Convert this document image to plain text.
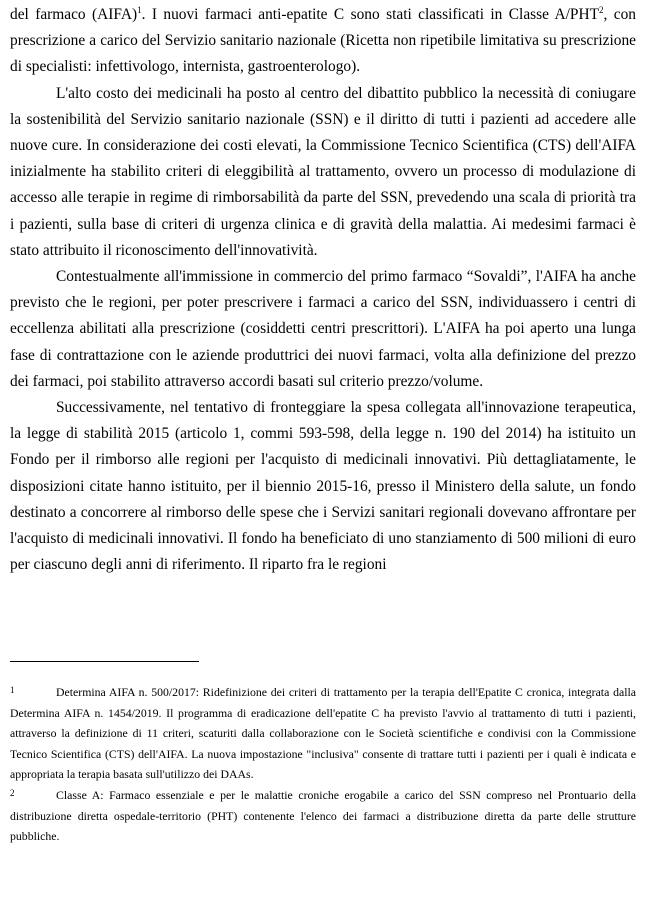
del farmaco (AIFA)$^1$. I nuovi farmaci anti-epatite C sono stati classificati in Classe A/PHT$^2$, con prescrizione a carico del Servizio sanitario nazionale (Ricetta non ripetibile limitativa su prescrizione di specialisti: infettivologo, internista, gastroenterologo).

L'alto costo dei medicinali ha posto al centro del dibattito pubblico la necessità di coniugare la sostenibilità del Servizio sanitario nazionale (SSN) e il diritto di tutti i pazienti ad accedere alle nuove cure. In considerazione dei costi elevati, la Commissione Tecnico Scientifica (CTS) dell'AIFA inizialmente ha stabilito criteri di eleggibilità al trattamento, ovvero un processo di modulazione di accesso alle terapie in regime di rimborsabilità da parte del SSN, prevedendo una scala di priorità tra i pazienti, sulla base di criteri di urgenza clinica e di gravità della malattia. Ai medesimi farmaci è stato attribuito il riconoscimento dell'innovatività.

Contestualmente all'immissione in commercio del primo farmaco “Sovaldi”, l'AIFA ha anche previsto che le regioni, per poter prescrivere i farmaci a carico del SSN, individuassero i centri di eccellenza abilitati alla prescrizione (cosiddetti centri prescrittori). L'AIFA ha poi aperto una lunga fase di contrattazione con le aziende produttrici dei nuovi farmaci, volta alla definizione del prezzo dei farmaci, poi stabilito attraverso accordi basati sul criterio prezzo/volume.

Successivamente, nel tentativo di fronteggiare la spesa collegata all'innovazione terapeutica, la legge di stabilità 2015 (articolo 1, commi 593-598, della legge n. 190 del 2014) ha istituito un Fondo per il rimborso alle regioni per l'acquisto di medicinali innovativi. Più dettagliatamente, le disposizioni citate hanno istituito, per il biennio 2015-16, presso il Ministero della salute, un fondo destinato a concorrere al rimborso delle spese che i Servizi sanitari regionali dovevano affrontare per l'acquisto di medicinali innovativi. Il fondo ha beneficiato di uno stanziamento di 500 milioni di euro per ciascuno degli anni di riferimento. Il riparto fra le regioni

1	Determina AIFA n. 500/2017: Ridefinizione dei criteri di trattamento per la terapia dell'Epatite C cronica, integrata dalla Determina AIFA n. 1454/2019. Il programma di eradicazione dell'epatite C ha previsto l'avvio al trattamento di tutti i pazienti, attraverso la definizione di 11 criteri, scaturiti dalla collaborazione con le Società scientifiche e condivisi con la Commissione Tecnico Scientifica (CTS) dell'AIFA. La nuova impostazione "inclusiva" consente di trattare tutti i pazienti per i quali è indicata e appropriata la terapia basata sull'utilizzo dei DAAs.

2	Classe A: Farmaco essenziale e per le malattie croniche erogabile a carico del SSN compreso nel Prontuario della distribuzione diretta ospedale-territorio (PHT) contenente l'elenco dei farmaci a distribuzione diretta da parte delle strutture pubbliche.
